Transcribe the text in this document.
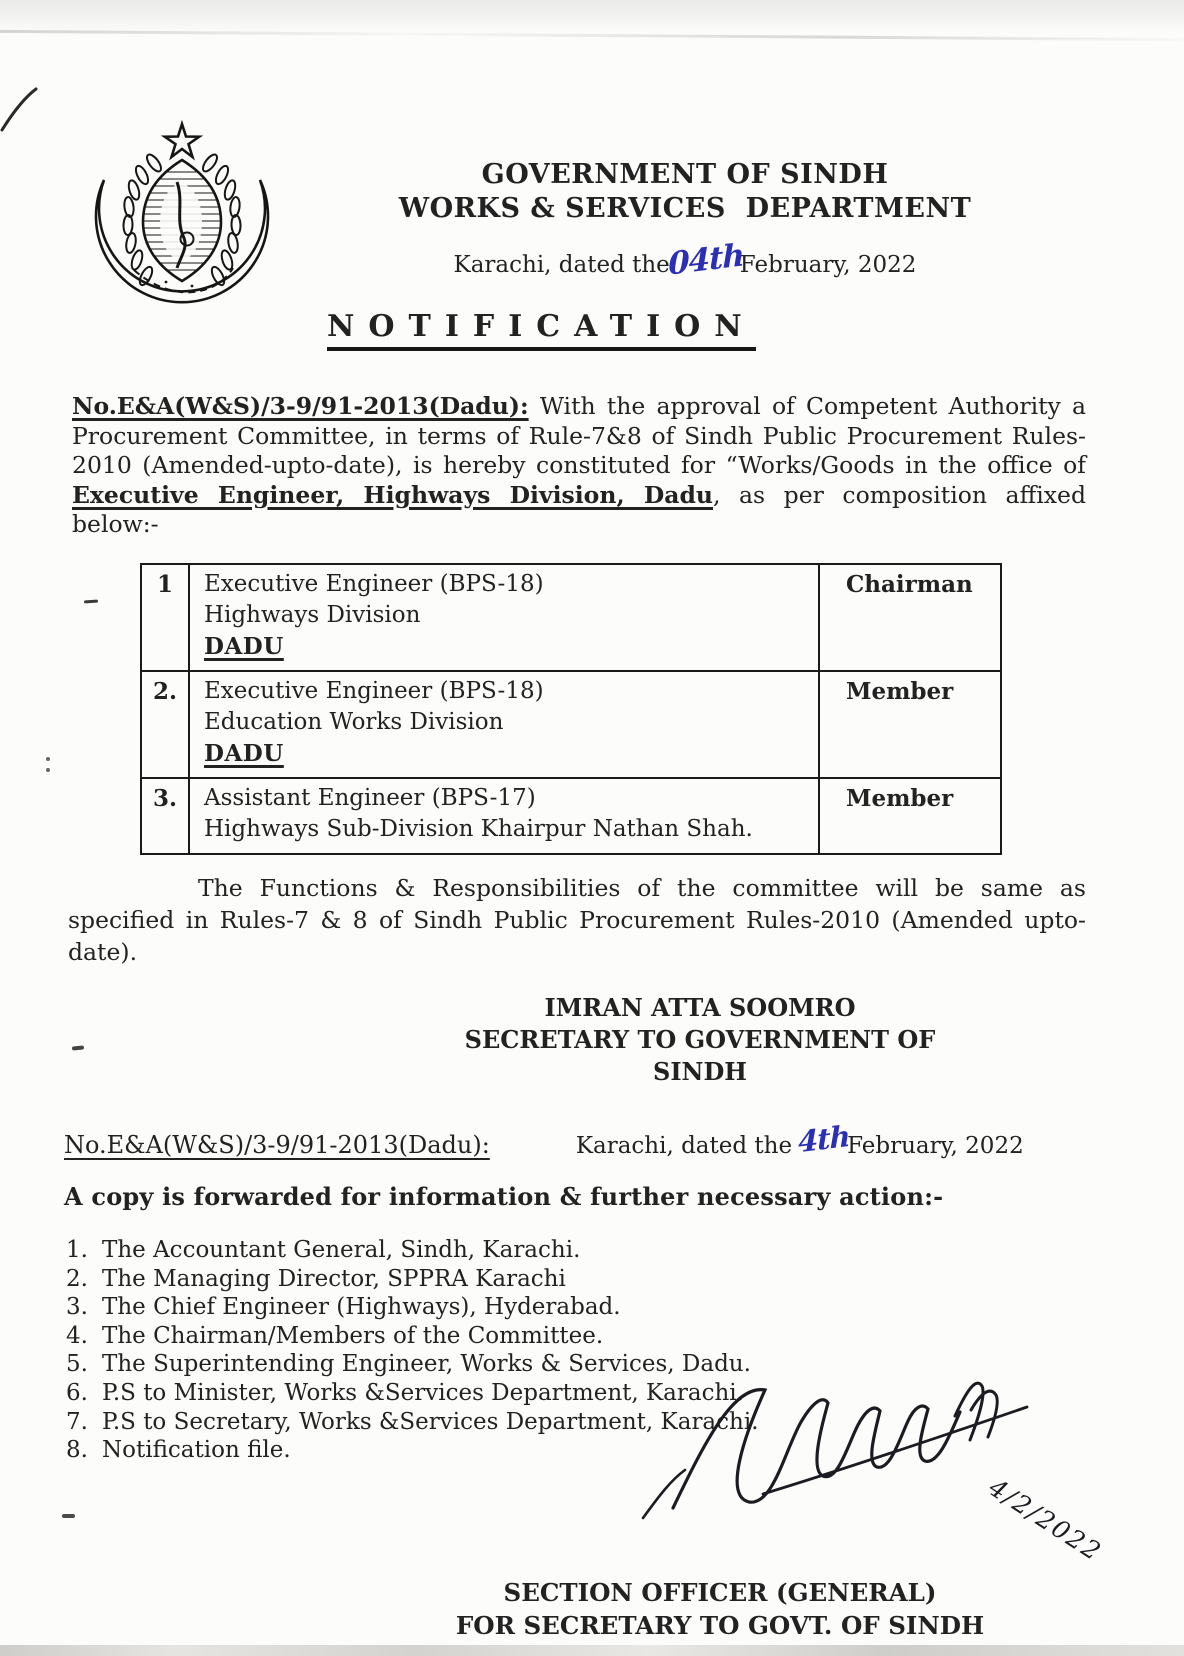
GOVERNMENT OF SINDH
WORKS & SERVICES  DEPARTMENT
Karachi, dated the04thFebruary, 2022
NOTIFICATION
No.E&A(W&S)/3-9/91-2013(Dadu): With the approval of Competent Authority a Procurement Committee, in terms of Rule-7&8 of Sindh Public Procurement Rules-2010 (Amended-upto-date), is hereby constituted for “Works/Goods in the office of Executive Engineer, Highways Division, Dadu, as per composition affixed below:-
1	Executive Engineer (BPS-18)
Highways Division
DADU	Chairman
2.	Executive Engineer (BPS-18)
Education Works Division
DADU	Member
3.	Assistant Engineer (BPS-17)
Highways Sub-Division Khairpur Nathan Shah.	Member
The Functions & Responsibilities of the committee will be same as specified in Rules-7 & 8 of Sindh Public Procurement Rules-2010 (Amended upto-date).
IMRAN ATTA SOOMRO
SECRETARY TO GOVERNMENT OF SINDH
No.E&A(W&S)/3-9/91-2013(Dadu):	Karachi, dated the 4thFebruary, 2022
A copy is forwarded for information & further necessary action:-
1. The Accountant General, Sindh, Karachi.
2. The Managing Director, SPPRA Karachi
3. The Chief Engineer (Highways), Hyderabad.
4. The Chairman/Members of the Committee.
5. The Superintending Engineer, Works & Services, Dadu.
6. P.S to Minister, Works &Services Department, Karachi.
7. P.S to Secretary, Works &Services Department, Karachi.
8. Notification file.
4/2/2022
SECTION OFFICER (GENERAL)
FOR SECRETARY TO GOVT. OF SINDH
